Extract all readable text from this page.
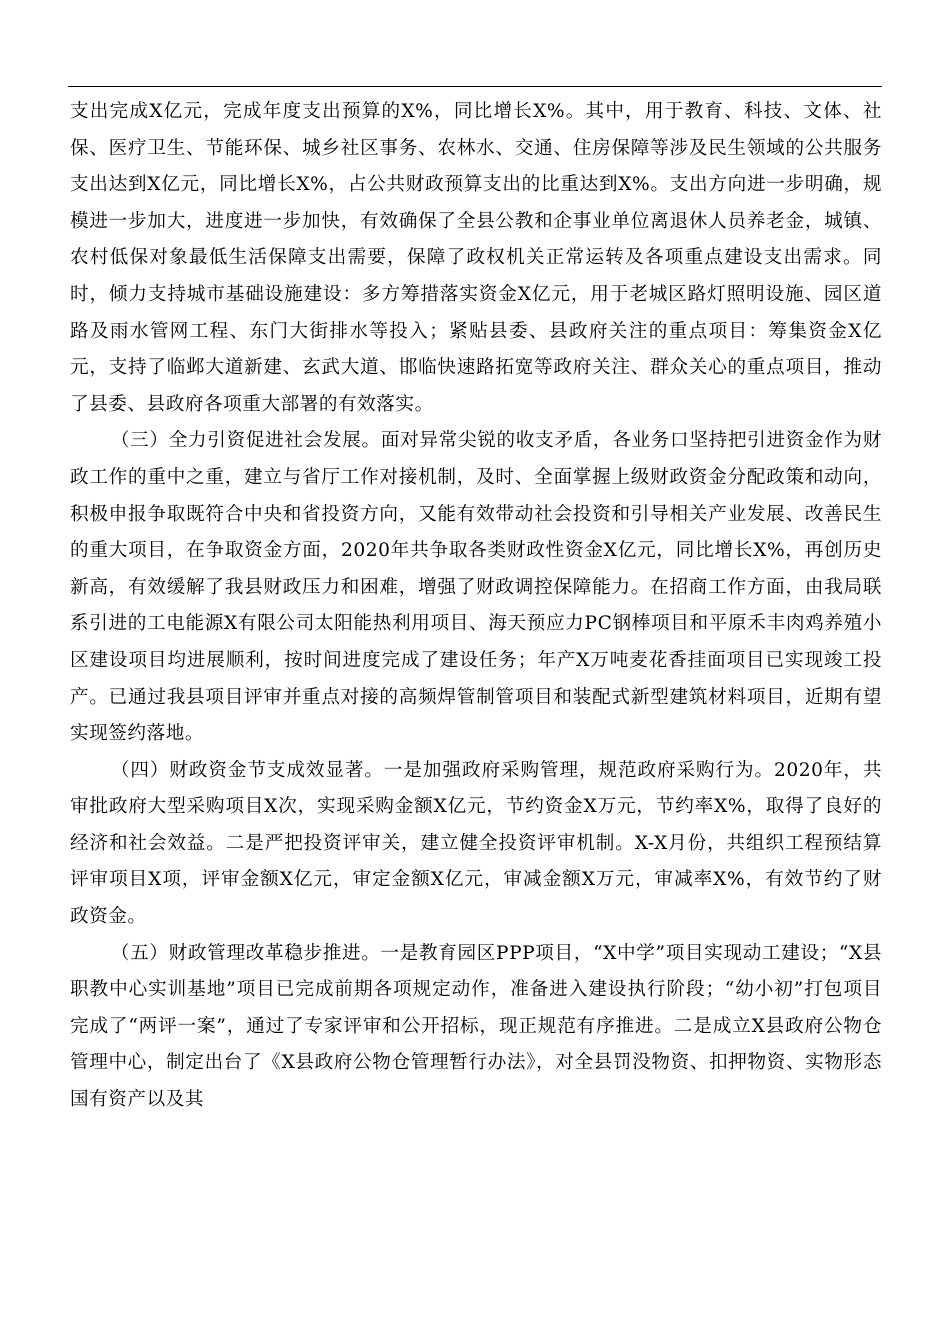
支出完成X亿元，完成年度支出预算的X%，同比增长X%。其中，用于教育、科技、文体、社保、医疗卫生、节能环保、城乡社区事务、农林水、交通、住房保障等涉及民生领域的公共服务支出达到X亿元，同比增长X%，占公共财政预算支出的比重达到X%。支出方向进一步明确，规模进一步加大，进度进一步加快，有效确保了全县公教和企事业单位离退休人员养老金，城镇、农村低保对象最低生活保障支出需要，保障了政权机关正常运转及各项重点建设支出需求。同时，倾力支持城市基础设施建设：多方筹措落实资金X亿元，用于老城区路灯照明设施、园区道路及雨水管网工程、东门大街排水等投入；紧贴县委、县政府关注的重点项目：筹集资金X亿元，支持了临邺大道新建、玄武大道、邯临快速路拓宽等政府关注、群众关心的重点项目，推动了县委、县政府各项重大部署的有效落实。

（三）全力引资促进社会发展。面对异常尖锐的收支矛盾，各业务口坚持把引进资金作为财政工作的重中之重，建立与省厅工作对接机制，及时、全面掌握上级财政资金分配政策和动向，积极申报争取既符合中央和省投资方向，又能有效带动社会投资和引导相关产业发展、改善民生的重大项目，在争取资金方面，2020年共争取各类财政性资金X亿元，同比增长X%，再创历史新高，有效缓解了我县财政压力和困难，增强了财政调控保障能力。在招商工作方面，由我局联系引进的工电能源X有限公司太阳能热利用项目、海天预应力PC钢棒项目和平原禾丰肉鸡养殖小区建设项目均进展顺利，按时间进度完成了建设任务；年产X万吨麦花香挂面项目已实现竣工投产。已通过我县项目评审并重点对接的高频焊管制管项目和装配式新型建筑材料项目，近期有望实现签约落地。

（四）财政资金节支成效显著。一是加强政府采购管理，规范政府采购行为。2020年，共审批政府大型采购项目X次，实现采购金额X亿元，节约资金X万元，节约率X%，取得了良好的经济和社会效益。二是严把投资评审关，建立健全投资评审机制。X-X月份，共组织工程预结算评审项目X项，评审金额X亿元，审定金额X亿元，审减金额X万元，审减率X%，有效节约了财政资金。

（五）财政管理改革稳步推进。一是教育园区PPP项目，“X中学”项目实现动工建设；“X县职教中心实训基地”项目已完成前期各项规定动作，准备进入建设执行阶段；“幼小初”打包项目完成了“两评一案”，通过了专家评审和公开招标，现正规范有序推进。二是成立X县政府公物仓管理中心，制定出台了《X县政府公物仓管理暂行办法》，对全县罚没物资、扣押物资、实物形态国有资产以及其
